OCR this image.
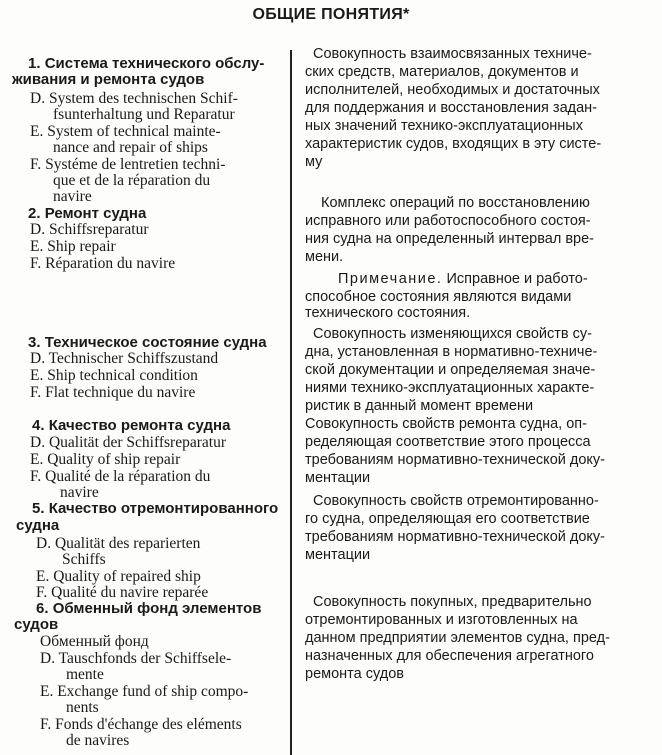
ОБЩИЕ ПОНЯТИЯ*
1. Система технического обслу-
живания и ремонта судов
D. System des technischen Schif-
fsunterhaltung und Reparatur
E. System of technical mainte-
nance and repair of ships
F. Systéme de lentretien techni-
que et de la réparation du
navire
Совокупность взаимосвязанных техниче-
ских средств, материалов, документов и
исполнителей, необходимых и достаточных
для поддержания и восстановления задан-
ных значений технико-эксплуатационных
характеристик судов, входящих в эту систе-
му
2. Ремонт судна
D. Schiffsreparatur
E. Ship repair
F. Réparation du navire
Комплекс операций по восстановлению
исправного или работоспособного состоя-
ния судна на определенный интервал вре-
мени.
Примечание. Исправное и работо-
способное состояния являются видами
технического состояния.
3. Техническое состояние судна
D. Technischer Schiffszustand
E. Ship technical condition
F. Flat technique du navire
Совокупность изменяющихся свойств су-
дна, установленная в нормативно-техниче-
ской документации и определяемая значе-
ниями технико-эксплуатационных характе-
ристик в данный момент времени
4. Качество ремонта судна
D. Qualität der Schiffsreparatur
E. Quality of ship repair
F. Qualité de la réparation du
navire
Совокупность свойств ремонта судна, оп-
ределяющая соответствие этого процесса
требованиям нормативно-технической доку-
ментации
5. Качество отремонтированного
судна
D. Qualität des reparierten
Schiffs
E. Quality of repaired ship
F. Qualité du navire reparée
Совокупность свойств отремонтированно-
го судна, определяющая его соответствие
требованиям нормативно-технической доку-
ментации
6. Обменный фонд элементов
судов
Обменный фонд
D. Tauschfonds der Schiffsele-
mente
E. Exchange fund of ship compo-
nents
F. Fonds d'échange des eléments
de navires
Совокупность покупных, предварительно
отремонтированных и изготовленных на
данном предприятии элементов судна, пред-
назначенных для обеспечения агрегатного
ремонта судов
